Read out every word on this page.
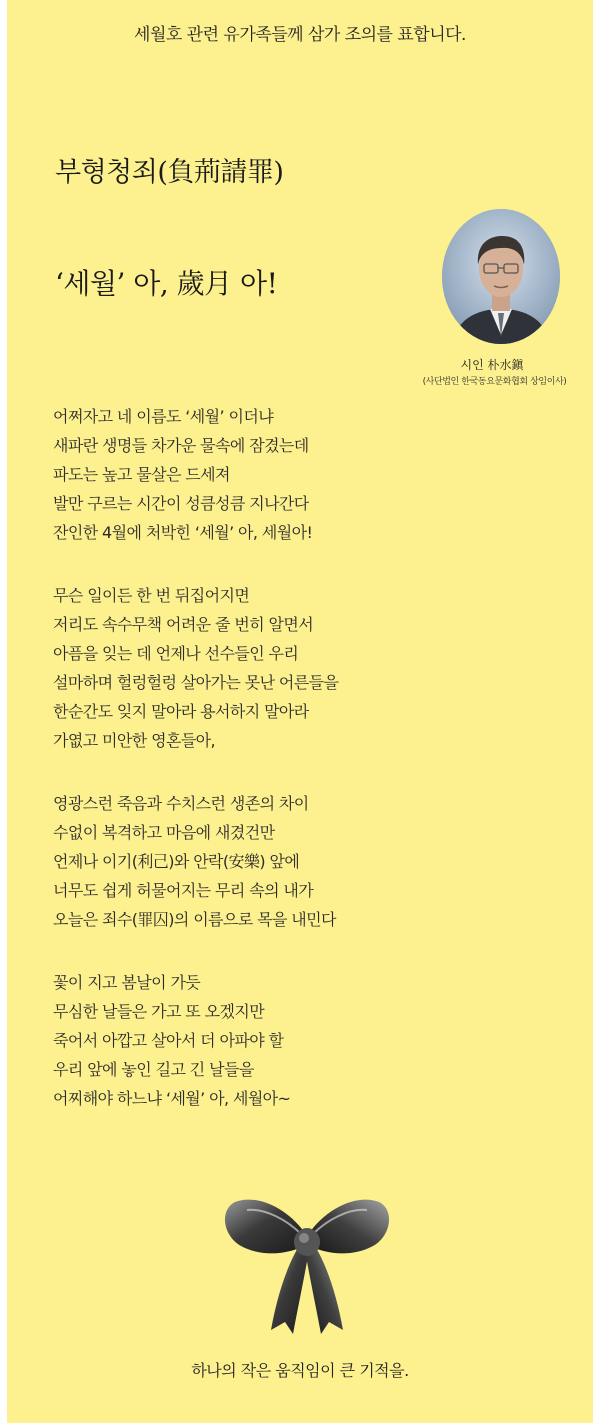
세월호 관련 유가족들께 삼가 조의를 표합니다.
부형청죄(負荊請罪)
‘세월’ 아, 歲月 아!
시인 朴水鎭
(사단법인 한국동요문화협회 상임이사)
어쩌자고 네 이름도 ‘세월’ 이더냐
새파란 생명들 차가운 물속에 잠겼는데
파도는 높고 물살은 드세져
발만 구르는 시간이 성큼성큼 지나간다
잔인한 4월에 처박힌 ‘세월’ 아, 세월아!
무슨 일이든 한 번 뒤집어지면
저리도 속수무책 어려운 줄 번히 알면서
아픔을 잊는 데 언제나 선수들인 우리
설마하며 헐렁헐렁 살아가는 못난 어른들을
한순간도 잊지 말아라 용서하지 말아라
가엾고 미안한 영혼들아,
영광스런 죽음과 수치스런 생존의 차이
수없이 복격하고 마음에 새겼건만
언제나 이기(利己)와 안락(安樂) 앞에
너무도 쉽게 허물어지는 무리 속의 내가
오늘은 죄수(罪囚)의 이름으로 목을 내민다
꽃이 지고 봄날이 가듯
무심한 날들은 가고 또 오겠지만
죽어서 아깝고 살아서 더 아파야 할
우리 앞에 놓인 길고 긴 날들을
어찌해야 하느냐 ‘세월’ 아, 세월아~
하나의 작은 움직임이 큰 기적을.
